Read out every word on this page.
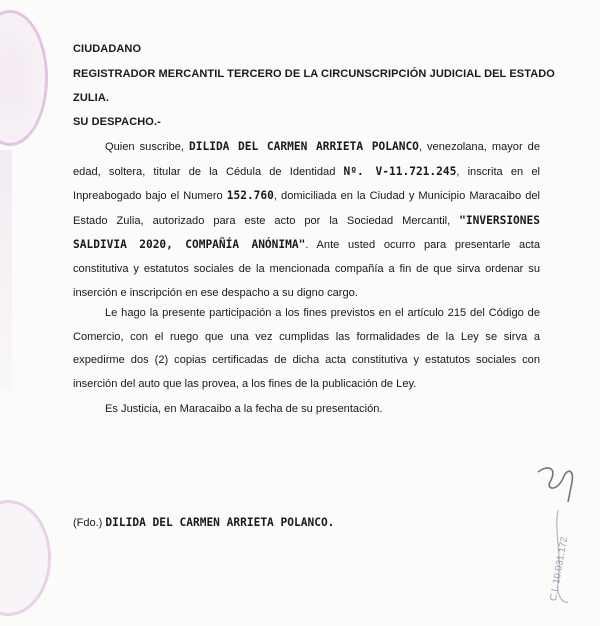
CIUDADANO
REGISTRADOR MERCANTIL TERCERO DE LA CIRCUNSCRIPCIÓN JUDICIAL DEL ESTADO
ZULIA.
SU DESPACHO.-
Quien suscribe, DILIDA DEL CARMEN ARRIETA POLANCO, venezolana, mayor de edad, soltera, titular de la Cédula de Identidad Nº. V-11.721.245, inscrita en el Inpreabogado bajo el Numero 152.760, domiciliada en la Ciudad y Municipio Maracaibo del Estado Zulia, autorizado para este acto por la Sociedad Mercantil, "INVERSIONES SALDIVIA 2020, COMPAÑÍA ANÓNIMA". Ante usted ocurro para presentarle acta constitutiva y estatutos sociales de la mencionada compañía a fin de que sirva ordenar su inserción e inscripción en ese despacho a su digno cargo.
Le hago la presente participación a los fines previstos en el artículo 215 del Código de Comercio, con el ruego que una vez cumplidas las formalidades de la Ley se sirva a expedirme dos (2) copias certificadas de dicha acta constitutiva y estatutos sociales con inserción del auto que las provea, a los fines de la publicación de Ley.
Es Justicia, en Maracaibo a la fecha de su presentación.
C.I. 10.031.172
(Fdo.) DILIDA DEL CARMEN ARRIETA POLANCO.
